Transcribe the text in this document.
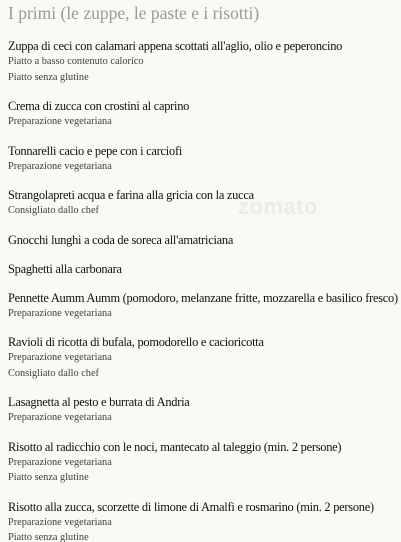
I primi (le zuppe, le paste e i risotti)
zomato
Zuppa di ceci con calamari appena scottati all'aglio, olio e peperoncino
Piatto a basso contenuto calorico
Piatto senza glutine
Crema di zucca con crostini al caprino
Preparazione vegetariana
Tonnarelli cacio e pepe con i carciofi
Preparazione vegetariana
Strangolapreti acqua e farina alla gricia con la zucca
Consigliato dallo chef
Gnocchi lunghi a coda de soreca all'amatriciana
Spaghetti alla carbonara
Pennette Aumm Aumm (pomodoro, melanzane fritte, mozzarella e basilico fresco)
Preparazione vegetariana
Ravioli di ricotta di bufala, pomodorello e cacioricotta
Preparazione vegetariana
Consigliato dallo chef
Lasagnetta al pesto e burrata di Andria
Preparazione vegetariana
Risotto al radicchio con le noci, mantecato al taleggio (min. 2 persone)
Preparazione vegetariana
Piatto senza glutine
Risotto alla zucca, scorzette di limone di Amalfi e rosmarino (min. 2 persone)
Preparazione vegetariana
Piatto senza glutine
